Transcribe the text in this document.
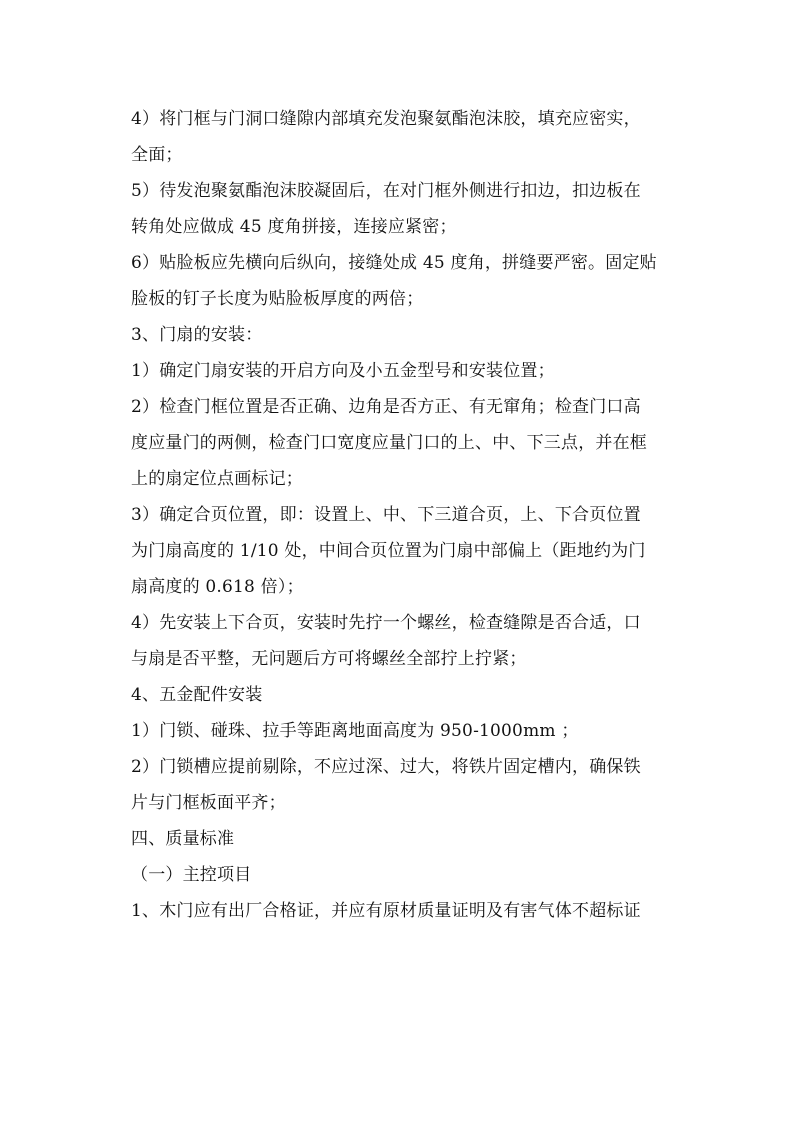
4）将门框与门洞口缝隙内部填充发泡聚氨酯泡沫胶，填充应密实，
全面；
5）待发泡聚氨酯泡沫胶凝固后，在对门框外侧进行扣边，扣边板在
转角处应做成 45 度角拼接，连接应紧密；
6）贴脸板应先横向后纵向，接缝处成 45 度角，拼缝要严密。固定贴
脸板的钉子长度为贴脸板厚度的两倍；
3、门扇的安装：
1）确定门扇安装的开启方向及小五金型号和安装位置；
2）检查门框位置是否正确、边角是否方正、有无窜角；检查门口高
度应量门的两侧，检查门口宽度应量门口的上、中、下三点，并在框
上的扇定位点画标记；
3）确定合页位置，即：设置上、中、下三道合页，上、下合页位置
为门扇高度的 1/10 处，中间合页位置为门扇中部偏上（距地约为门
扇高度的 0.618 倍）；
4）先安装上下合页，安装时先拧一个螺丝，检查缝隙是否合适，口
与扇是否平整，无问题后方可将螺丝全部拧上拧紧；
4、五金配件安装
1）门锁、碰珠、拉手等距离地面高度为 950-1000mm ；
2）门锁槽应提前剔除，不应过深、过大，将铁片固定槽内，确保铁
片与门框板面平齐；
四、质量标准
（一）主控项目
1、木门应有出厂合格证，并应有原材质量证明及有害气体不超标证
